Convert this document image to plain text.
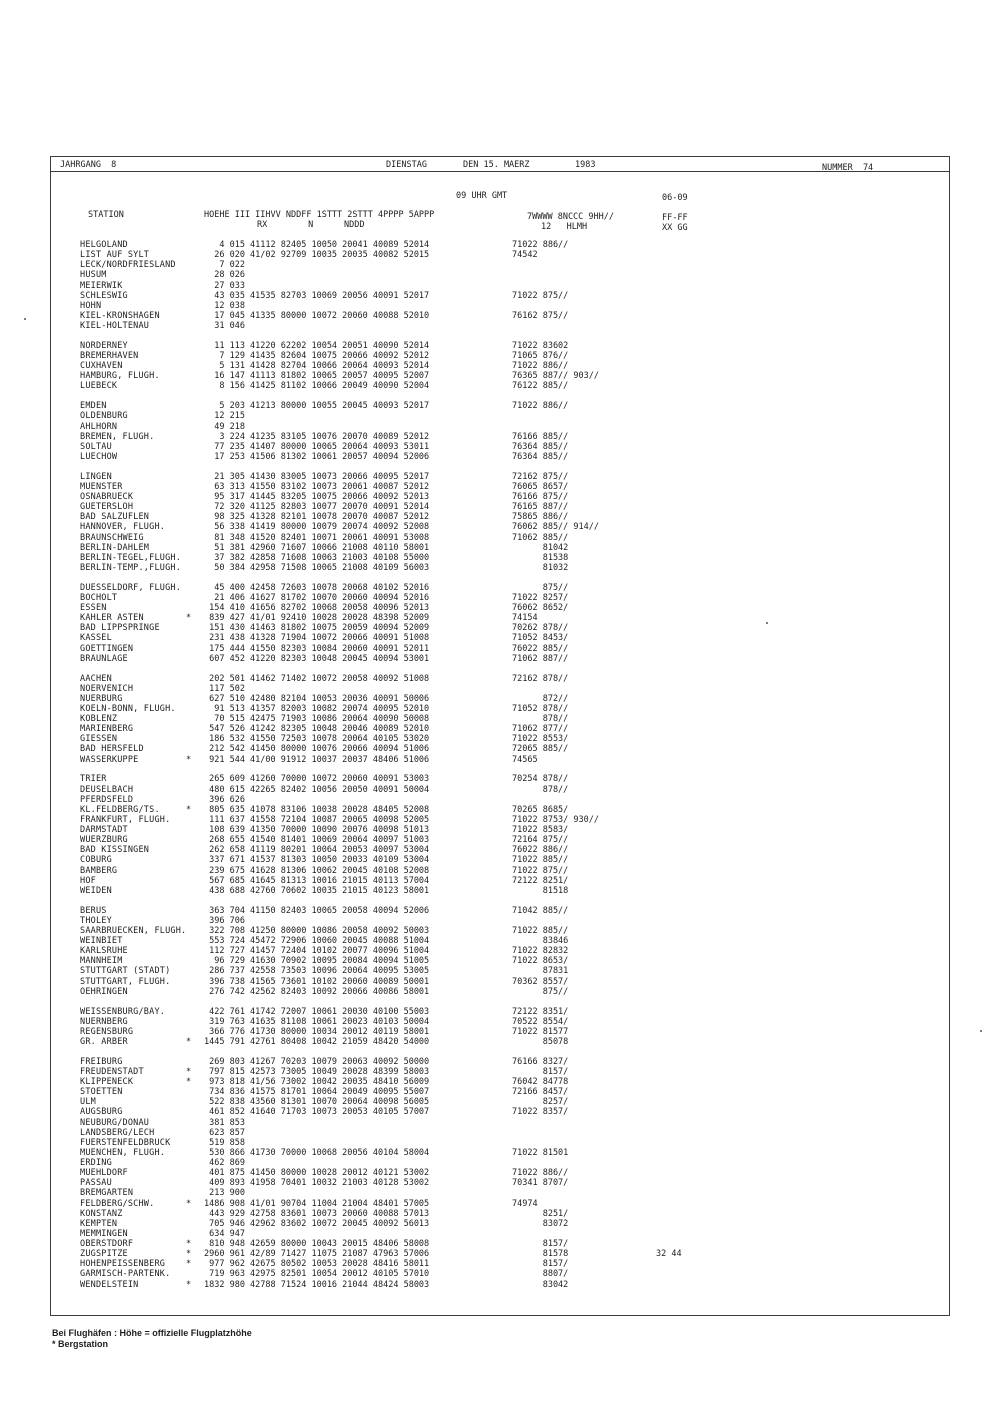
JAHRGANG  8	DIENSTAG	DEN 15. MAERZ	1983	NUMMER  74
09 UHR GMT	06-09
STATION	HOEHE III IIHVV NDDFF 1STTT 2STTT 4PPPP 5APPP
RX        N      NDDD
7WWWW 8NCCC 9HH//
12   HLMH
FF-FF
XX GG
HELGOLAND	4 015 41112 82405 10050 20041 40089 52014	71022 886//
LIST AUF SYLT	26 020 41/02 92709 10035 20035 40082 52015	74542
LECK/NORDFRIESLAND	7 022
HUSUM	28 026
MEIERWIK	27 033
SCHLESWIG	43 035 41535 82703 10069 20056 40091 52017	71022 875//
HOHN	12 038
KIEL-KRONSHAGEN	17 045 41335 80000 10072 20060 40088 52010	76162 875//
KIEL-HOLTENAU	31 046
NORDERNEY	11 113 41220 62202 10054 20051 40090 52014	71022 83602
BREMERHAVEN	7 129 41435 82604 10075 20066 40092 52012	71065 876//
CUXHAVEN	5 131 41428 82704 10066 20064 40093 52014	71022 886//
HAMBURG, FLUGH.	16 147 41113 81802 10065 20057 40095 52007	76365 887// 903//
LUEBECK	8 156 41425 81102 10066 20049 40090 52004	76122 885//
EMDEN	5 203 41213 80000 10055 20045 40093 52017	71022 886//
OLDENBURG	12 215
AHLHORN	49 218
BREMEN, FLUGH.	3 224 41235 83105 10076 20070 40089 52012	76166 885//
SOLTAU	77 235 41407 80000 10065 20064 40093 53011	76364 885//
LUECHOW	17 253 41506 81302 10061 20057 40094 52006	76364 885//
LINGEN	21 305 41430 83005 10073 20066 40095 52017	72162 875//
MUENSTER	63 313 41550 83102 10073 20061 40087 52012	76065 8657/
OSNABRUECK	95 317 41445 83205 10075 20066 40092 52013	76166 875//
GUETERSLOH	72 320 41125 82803 10077 20070 40091 52014	76165 887//
BAD SALZUFLEN	98 325 41328 82101 10078 20070 40087 52012	75865 886//
HANNOVER, FLUGH.	56 338 41419 80000 10079 20074 40092 52008	76062 885// 914//
BRAUNSCHWEIG	81 348 41520 82401 10071 20061 40091 53008	71062 885//
BERLIN-DAHLEM	51 381 42960 71607 10066 21008 40110 58001	81042
BERLIN-TEGEL,FLUGH.	37 382 42858 71608 10063 21003 40108 55000	81538
BERLIN-TEMP.,FLUGH.	50 384 42958 71508 10065 21008 40109 56003	81032
DUESSELDORF, FLUGH.	45 400 42458 72603 10078 20068 40102 52016	875//
BOCHOLT	21 406 41627 81702 10070 20060 40094 52016	71022 8257/
ESSEN	154 410 41656 82702 10068 20058 40096 52013	76062 8652/
KAHLER ASTEN	* 839 427 41/01 92410 10028 20028 48398 52009	74154
BAD LIPPSPRINGE	151 430 41463 81802 10075 20059 40094 52009	70262 878//
KASSEL	231 438 41328 71904 10072 20066 40091 51008	71052 8453/
GOETTINGEN	175 444 41550 82303 10084 20060 40091 52011	76022 885//
BRAUNLAGE	607 452 41220 82303 10048 20045 40094 53001	71062 887//
AACHEN	202 501 41462 71402 10072 20058 40092 51008	72162 878//
NOERVENICH	117 502
NUERBURG	627 510 42480 82104 10053 20036 40091 50006	872//
KOELN-BONN, FLUGH.	91 513 41357 82003 10082 20074 40095 52010	71052 878//
KOBLENZ	70 515 42475 71903 10086 20064 40090 50008	878//
MARIENBERG	547 526 41242 82305 10048 20046 40089 52010	71062 877//
GIESSEN	186 532 41550 72503 10078 20064 40105 53020	71022 8553/
BAD HERSFELD	212 542 41450 80000 10076 20066 40094 51006	72065 885//
WASSERKUPPE	* 921 544 41/00 91912 10037 20037 48406 51006	74565
TRIER	265 609 41260 70000 10072 20060 40091 53003	70254 878//
DEUSELBACH	480 615 42265 82402 10056 20050 40091 50004	878//
PFERDSFELD	396 626
KL.FELDBERG/TS.	* 805 635 41078 83106 10038 20028 48405 52008	70265 8685/
FRANKFURT, FLUGH.	111 637 41558 72104 10087 20065 40098 52005	71022 8753/ 930//
DARMSTADT	108 639 41350 70000 10090 20076 40098 51013	71022 8583/
WUERZBURG	268 655 41540 81401 10069 20064 40097 51003	72164 875//
BAD KISSINGEN	262 658 41119 80201 10064 20053 40097 53004	76022 886//
COBURG	337 671 41537 81303 10050 20033 40109 53004	71022 885//
BAMBERG	239 675 41628 81306 10062 20045 40108 52008	71022 875//
HOF	567 685 41645 81313 10016 21015 40113 57004	72122 8251/
WEIDEN	438 688 42760 70602 10035 21015 40123 58001	81518
BERUS	363 704 41150 82403 10065 20058 40094 52006	71042 885//
THOLEY	396 706
SAARBRUECKEN, FLUGH. 322 708 41250 80000 10086 20058 40092 50003	71022 885//
WEINBIET	553 724 45472 72906 10060 20045 40088 51004	83846
KARLSRUHE	112 727 41457 72404 10102 20077 40096 51004	71022 82832
MANNHEIM	96 729 41630 70902 10095 20084 40094 51005	71022 8653/
STUTTGART (STADT)	286 737 42558 73503 10096 20064 40095 53005	87831
STUTTGART, FLUGH.	396 738 41565 73601 10102 20060 40089 50001	70362 8557/
OEHRINGEN	276 742 42562 82403 10092 20066 40086 58001	875//
WEISSENBURG/BAY.	422 761 41742 72007 10061 20030 40100 55003	72122 8351/
NUERNBERG	319 763 41635 81108 10061 20023 40103 50004	70522 8554/
REGENSBURG	366 776 41730 80000 10034 20012 40119 58001	71022 81577
GR. ARBER	* 1445 791 42761 80408 10042 21059 48420 54000	85078
FREIBURG	269 803 41267 70203 10079 20063 40092 50000	76166 8327/
FREUDENSTADT	* 797 815 42573 73005 10049 20028 48399 58003	8157/
KLIPPENECK	* 973 818 41/56 73002 10042 20035 48410 56009	76042 84778
STOETTEN	734 836 41575 81701 10064 20049 40095 55007	72166 8457/
ULM	522 838 43560 81301 10070 20064 40098 56005	8257/
AUGSBURG	461 852 41640 71703 10073 20053 40105 57007	71022 8357/
NEUBURG/DONAU	381 853
LANDSBERG/LECH	623 857
FUERSTENFELDBRUCK	519 858
MUENCHEN, FLUGH.	530 866 41730 70000 10068 20056 40104 58004	71022 81501
ERDING	462 869
MUEHLDORF	401 875 41450 80000 10028 20012 40121 53002	71022 886//
PASSAU	409 893 41958 70401 10032 21003 40128 53002	70341 8707/
BREMGARTEN	213 900
FELDBERG/SCHW.	* 1486 908 41/01 90704 11004 21004 48401 57005	74974
KONSTANZ	443 929 42758 83601 10073 20060 40088 57013	8251/
KEMPTEN	705 946 42962 83602 10072 20045 40092 56013	83072
MEMMINGEN	634 947
OBERSTDORF	* 810 948 42659 80000 10043 20015 48406 58008	8157/
ZUGSPITZE	* 2960 961 42/89 71427 11075 21087 47963 57006	81578	32 44
HOHENPEISSENBERG * 977 962 42675 80502 10053 20028 48416 58011	8157/
GARMISCH-PARTENK.	719 963 42975 82501 10054 20012 40105 57010	8807/
WENDELSTEIN	* 1832 980 42788 71524 10016 21044 48424 58003	83042
Bei Flughäfen : Höhe = offizielle Flugplatzhöhe
* Bergstation
